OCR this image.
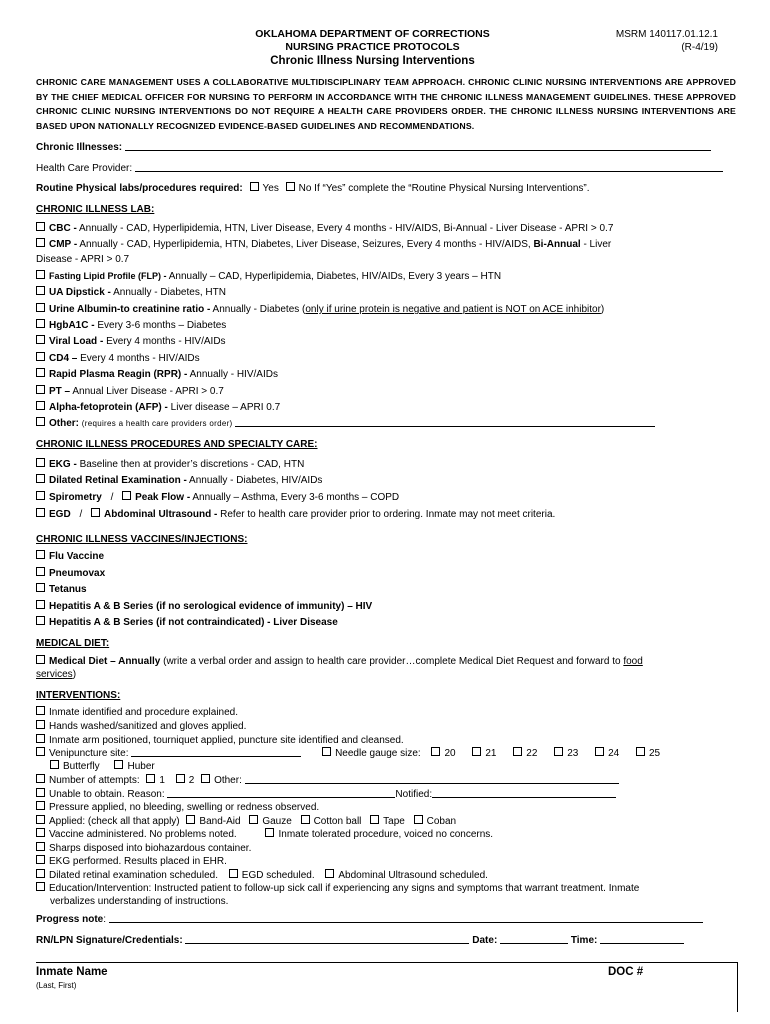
OKLAHOMA DEPARTMENT OF CORRECTIONS
NURSING PRACTICE PROTOCOLS
Chronic Illness Nursing Interventions
MSRM 140117.01.12.1
(R-4/19)
CHRONIC CARE MANAGEMENT USES A COLLABORATIVE MULTIDISCIPLINARY TEAM APPROACH. CHRONIC CLINIC NURSING INTERVENTIONS ARE APPROVED BY THE CHIEF MEDICAL OFFICER FOR NURSING TO PERFORM IN ACCORDANCE WITH THE CHRONIC ILLNESS MANAGEMENT GUIDELINES. THESE APPROVED CHRONIC CLINIC NURSING INTERVENTIONS DO NOT REQUIRE A HEALTH CARE PROVIDERS ORDER. THE CHRONIC ILLNESS NURSING INTERVENTIONS ARE BASED UPON NATIONALLY RECOGNIZED EVIDENCE-BASED GUIDELINES AND RECOMMENDATIONS.
Chronic Illnesses:
Health Care Provider:
Routine Physical labs/procedures required: Yes No If “Yes” complete the “Routine Physical Nursing Interventions”.
CHRONIC ILLNESS LAB:
CBC - Annually - CAD, Hyperlipidemia, HTN, Liver Disease, Every 4 months - HIV/AIDS, Bi-Annual - Liver Disease - APRI > 0.7
CMP - Annually - CAD, Hyperlipidemia, HTN, Diabetes, Liver Disease, Seizures, Every 4 months - HIV/AIDS, Bi-Annual - Liver
Disease - APRI > 0.7
Fasting Lipid Profile (FLP) - Annually – CAD, Hyperlipidemia, Diabetes, HIV/AIDs, Every 3 years – HTN
UA Dipstick - Annually - Diabetes, HTN
Urine Albumin-to creatinine ratio - Annually - Diabetes (only if urine protein is negative and patient is NOT on ACE inhibitor)
HgbA1C - Every 3-6 months – Diabetes
Viral Load - Every 4 months - HIV/AIDs
CD4 – Every 4 months - HIV/AIDs
Rapid Plasma Reagin (RPR) - Annually - HIV/AIDs
PT – Annual Liver Disease - APRI > 0.7
Alpha-fetoprotein (AFP) - Liver disease – APRI 0.7
Other: (requires a health care providers order)
CHRONIC ILLNESS PROCEDURES AND SPECIALTY CARE:
EKG - Baseline then at provider’s discretions - CAD, HTN
Dilated Retinal Examination - Annually - Diabetes, HIV/AIDs
Spirometry / Peak Flow - Annually – Asthma, Every 3-6 months – COPD
EGD / Abdominal Ultrasound - Refer to health care provider prior to ordering. Inmate may not meet criteria.
CHRONIC ILLNESS VACCINES/INJECTIONS:
Flu Vaccine
Pneumovax
Tetanus
Hepatitis A & B Series (if no serological evidence of immunity) – HIV
Hepatitis A & B Series (if not contraindicated) - Liver Disease
MEDICAL DIET:
Medical Diet – Annually (write a verbal order and assign to health care provider…complete Medical Diet Request and forward to food
services)
INTERVENTIONS:
Inmate identified and procedure explained.
Hands washed/sanitized and gloves applied.
Inmate arm positioned, tourniquet applied, puncture site identified and cleansed.
Venipuncture site:	Needle gauge size: 20	21	22	23	24	25
Butterfly	Huber
Number of attempts: 1 2 Other:
Unable to obtain. Reason:	Notified:
Pressure applied, no bleeding, swelling or redness observed.
Applied: (check all that apply) Band-Aid Gauze Cotton ball Tape Coban
Vaccine administered. No problems noted.	Inmate tolerated procedure, voiced no concerns.
Sharps disposed into biohazardous container.
EKG performed. Results placed in EHR.
Dilated retinal examination scheduled. EGD scheduled. Abdominal Ultrasound scheduled.
Education/Intervention: Instructed patient to follow-up sick call if experiencing any signs and symptoms that warrant treatment. Inmate
verbalizes understanding of instructions.
Progress note:
RN/LPN Signature/Credentials:	Date:	Time:
Inmate Name
(Last, First)
DOC #
